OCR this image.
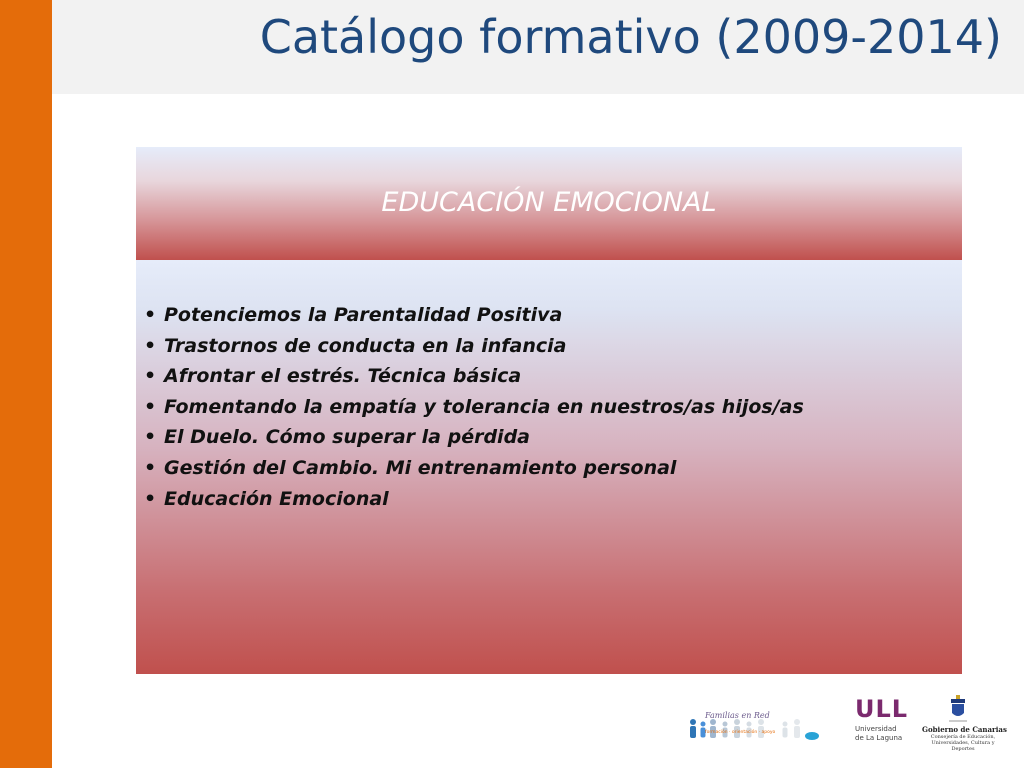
Catálogo formativo (2009-2014)
EDUCACIÓN EMOCIONAL
• Potenciemos la Parentalidad Positiva
• Trastornos de conducta en la infancia
• Afrontar el estrés. Técnica básica
• Fomentando la empatía y tolerancia en nuestros/as hijos/as
• El Duelo. Cómo superar la pérdida
• Gestión del Cambio. Mi entrenamiento personal
• Educación Emocional
Familias en Red
formación · orientación · apoyo
ULL
Universidad
de La Laguna
Gobierno de Canarias
Consejería de Educación,
Universidades, Cultura y Deportes
